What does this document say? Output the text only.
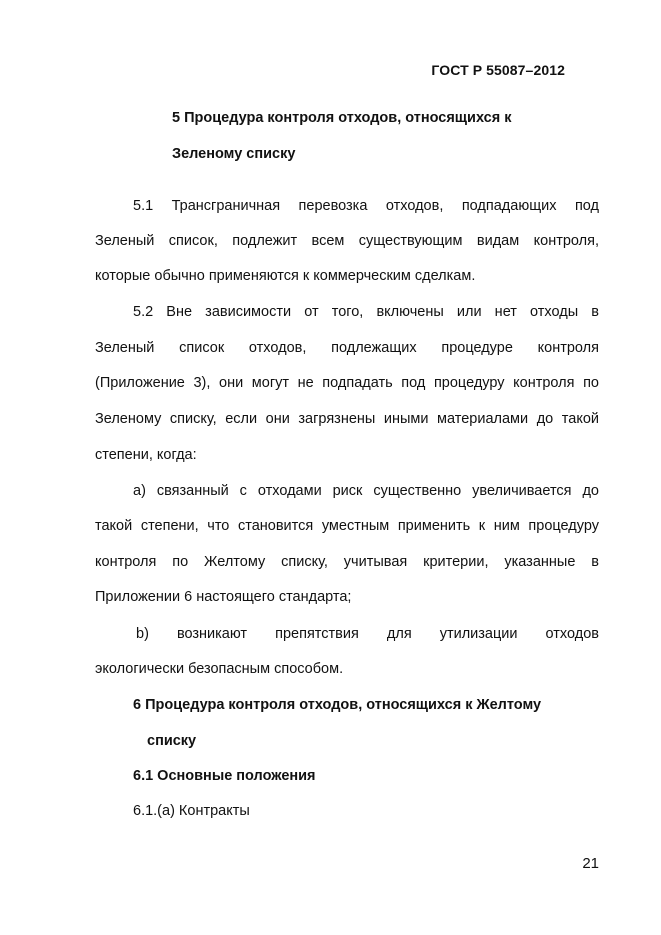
ГОСТ Р 55087–2012
5 Процедура контроля отходов, относящихся к
Зеленому списку
5.1 Трансграничная перевозка отходов, подпадающих под
Зеленый список, подлежит всем существующим видам контроля,
которые обычно применяются к коммерческим сделкам.
5.2 Вне зависимости от того, включены или нет отходы в
Зеленый список отходов, подлежащих процедуре контроля
(Приложение 3), они могут не подпадать под процедуру контроля по
Зеленому списку, если они загрязнены иными материалами до такой
степени, когда:
а) связанный с отходами риск существенно увеличивается до
такой степени, что становится уместным применить к ним процедуру
контроля по Желтому списку, учитывая критерии, указанные в
Приложении 6 настоящего стандарта;
b) возникают препятствия для утилизации отходов
экологически безопасным способом.
6 Процедура контроля отходов, относящихся к Желтому
списку
6.1 Основные положения
6.1.(а) Контракты
21
